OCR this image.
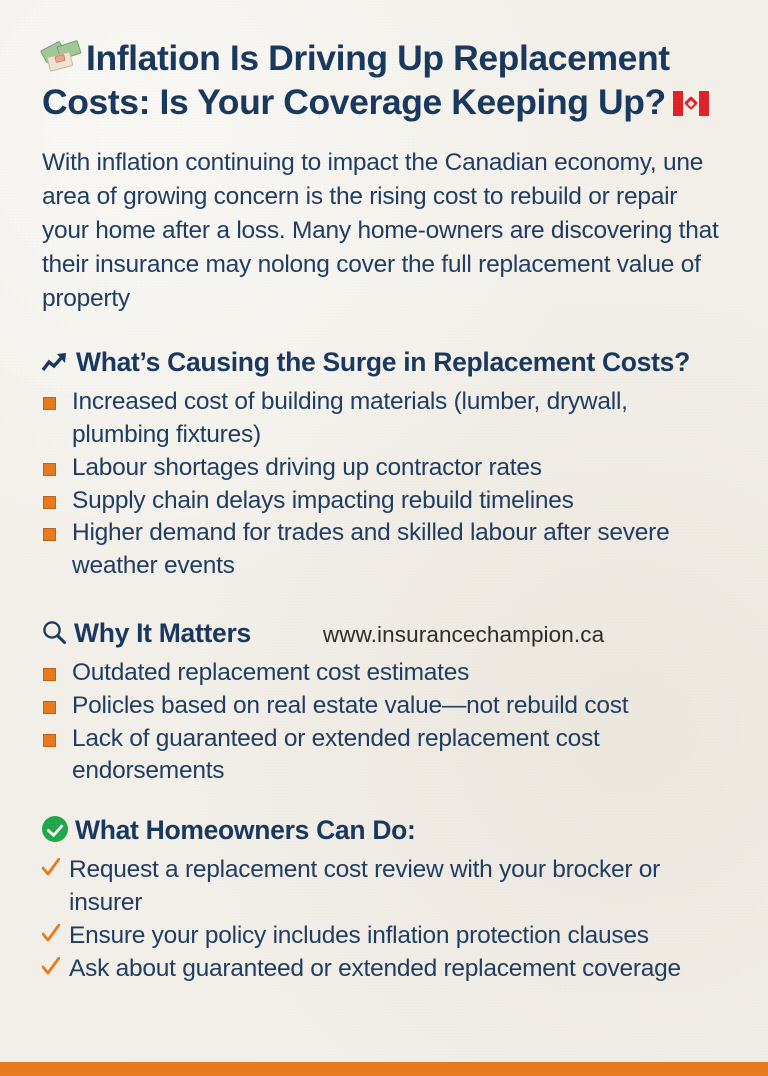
Inflation Is Driving Up Replacement Costs: Is Your Coverage Keeping Up?

With inflation continuing to impact the Canadian economy, une area of growing concern is the rising cost to rebuild or repair your home after a loss. Many home-owners are discovering that their insurance may nolong cover the full replacement value of property

What’s Causing the Surge in Replacement Costs?
Increased cost of building materials (lumber, drywall, plumbing fixtures)
Labour shortages driving up contractor rates
Supply chain delays impacting rebuild timelines
Higher demand for trades and skilled labour after severe weather events
Why It Matters	www.insurancechampion.ca
Outdated replacement cost estimates
Policles based on real estate value—not rebuild cost
Lack of guaranteed or extended replacement cost endorsements
What Homeowners Can Do:
Request a replacement cost review with your brocker or insurer
Ensure your policy includes inflation protection clauses
Ask about guaranteed or extended replacement coverage
